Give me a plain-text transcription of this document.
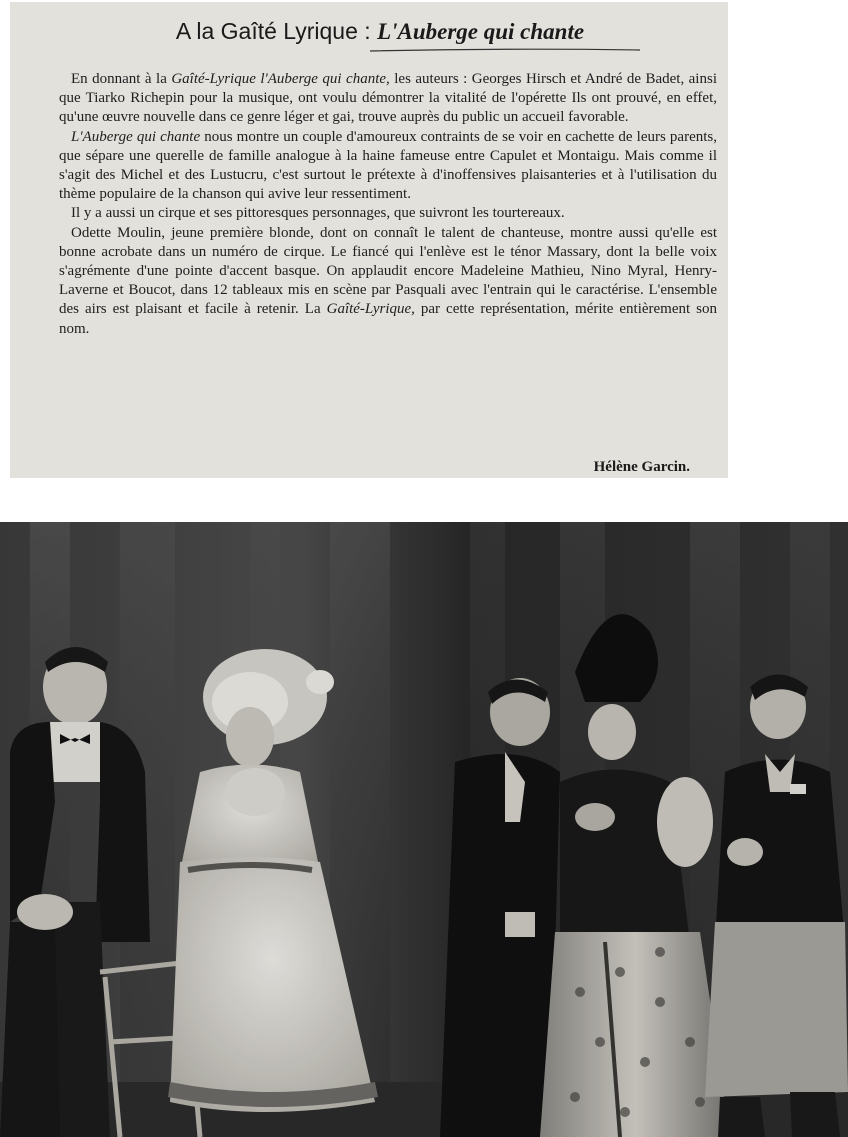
A la Gaîté Lyrique : L'Auberge qui chante

En donnant à la Gaîté-Lyrique l'Auberge qui chante, les auteurs : Georges Hirsch et André de Badet, ainsi que Tiarko Richepin pour la musique, ont voulu démontrer la vitalité de l'opérette Ils ont prouvé, en effet, qu'une œuvre nouvelle dans ce genre léger et gai, trouve auprès du public un accueil favorable.

L'Auberge qui chante nous montre un couple d'amoureux contraints de se voir en cachette de leurs parents, que sépare une querelle de famille analogue à la haine fameuse entre Capulet et Montaigu. Mais comme il s'agit des Michel et des Lustucru, c'est surtout le prétexte à d'inoffensives plaisanteries et à l'utilisation du thème populaire de la chanson qui avive leur ressentiment.

Il y a aussi un cirque et ses pittoresques personnages, que suivront les tourtereaux.

Odette Moulin, jeune première blonde, dont on connaît le talent de chanteuse, montre aussi qu'elle est bonne acrobate dans un numéro de cirque. Le fiancé qui l'enlève est le ténor Massary, dont la belle voix s'agrémente d'une pointe d'accent basque. On applaudit encore Madeleine Mathieu, Nino Myral, Henry-Laverne et Boucot, dans 12 tableaux mis en scène par Pasquali avec l'entrain qui le caractérise. L'ensemble des airs est plaisant et facile à retenir. La Gaîté-Lyrique, par cette représentation, mérite entièrement son nom.

Hélène Garcin.
